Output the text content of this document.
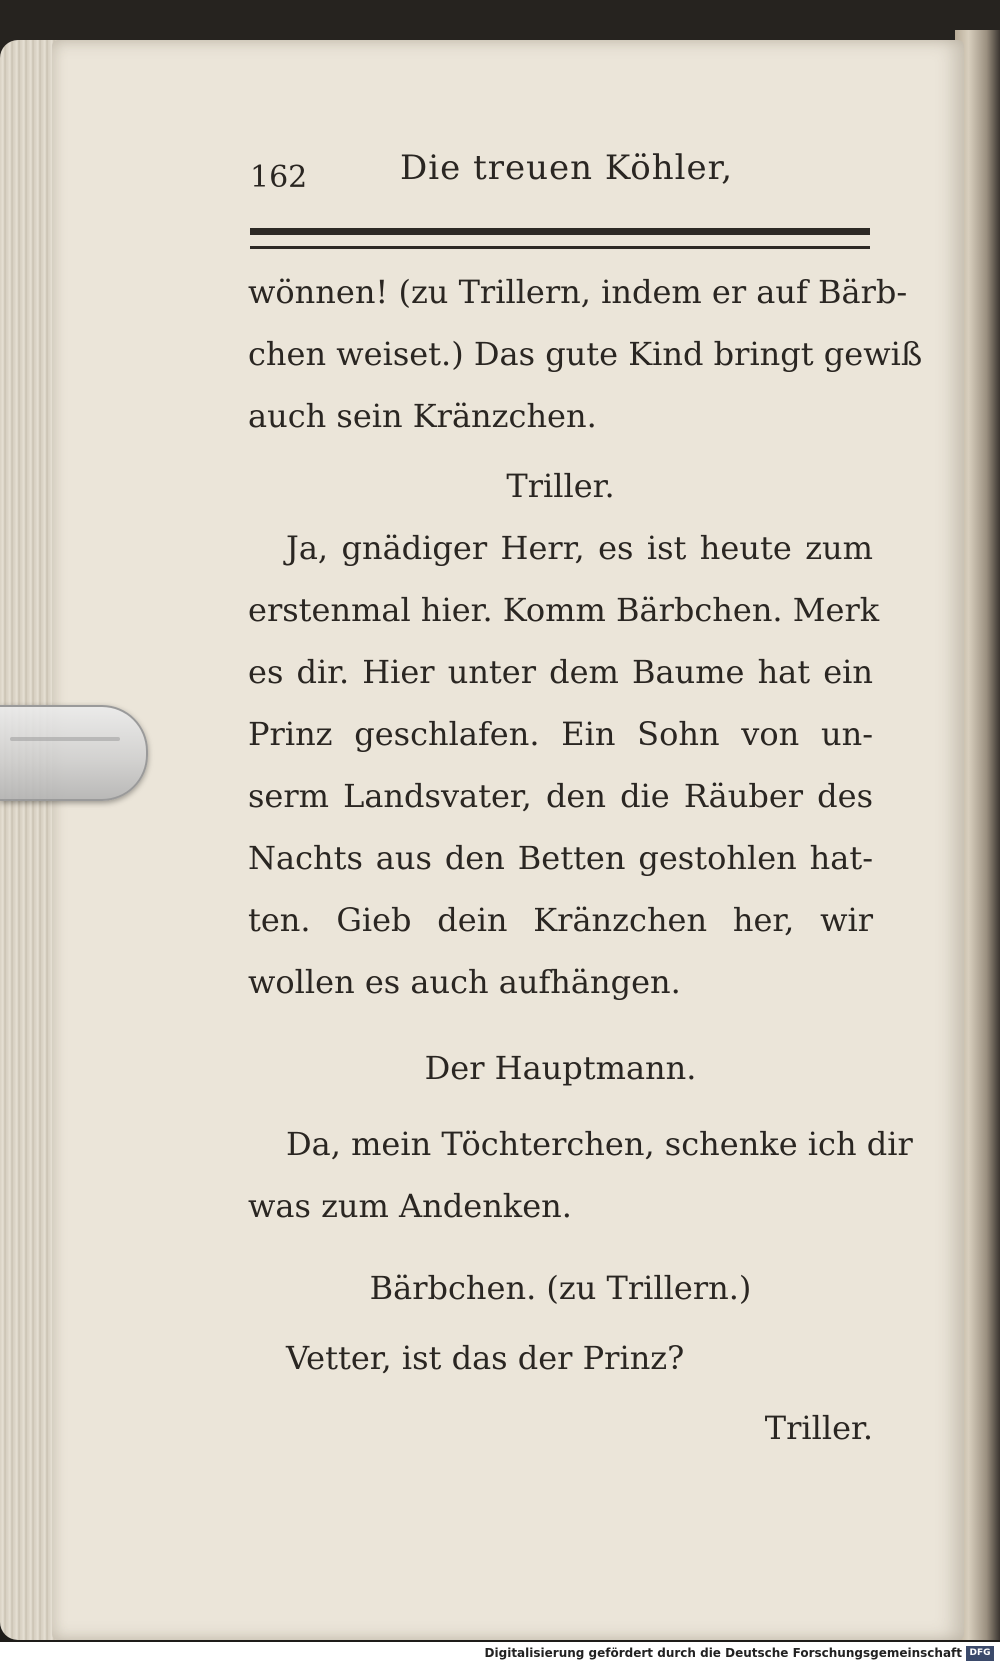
162	Die treuen Köhler,
wönnen! (zu Trillern, indem er auf Bärb-
chen weiset.) Das gute Kind bringt gewiß
auch sein Kränzchen.
Triller.
Ja, gnädiger Herr, es ist heute zum
erstenmal hier. Komm Bärbchen. Merk
es dir. Hier unter dem Baume hat ein
Prinz geschlafen. Ein Sohn von un-
serm Landsvater, den die Räuber des
Nachts aus den Betten gestohlen hat-
ten. Gieb dein Kränzchen her, wir
wollen es auch aufhängen.
Der Hauptmann.
Da, mein Töchterchen, schenke ich dir
was zum Andenken.
Bärbchen. (zu Trillern.)
Vetter, ist das der Prinz?
Triller.
Digitalisierung gefördert durch die Deutsche Forschungsgemeinschaft DFG
